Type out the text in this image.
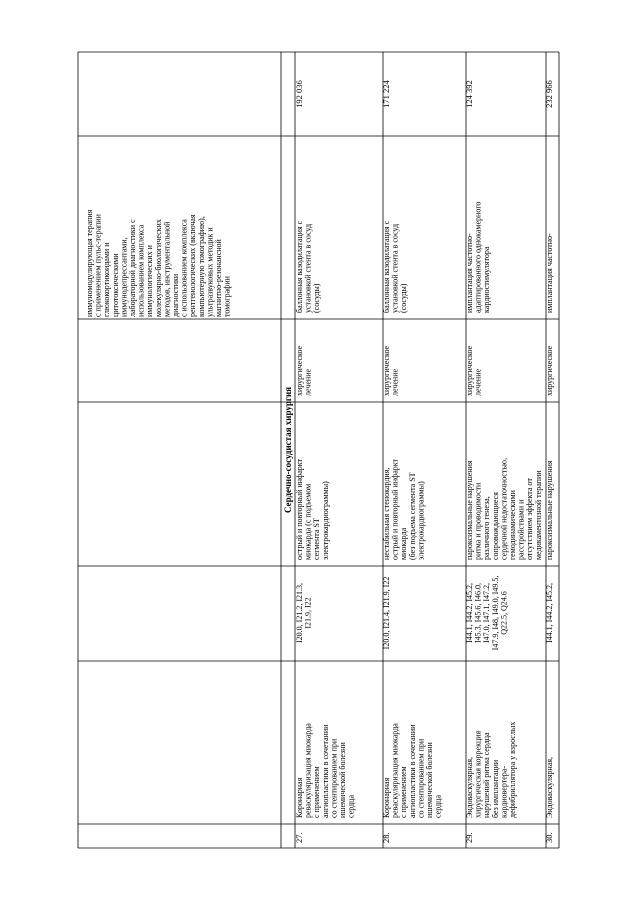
иммуномодулирующая терапияс применением пульс-терапииглюкокортикоидами ицитотоксическимииммунодепрессантами,лабораторной диагностики сиспользованием комплексаиммунологических имолекулярно-биологическихметодов, инструментальнойдиагностикис использованием комплексарентгенологических (включаякомпьютерную томографию),ультразвуковых методик имагнитно-резонанснойтомографии
Сердечно-сосудистая хирургия
27.
Коронарнаяреваскуляризация миокардас применениемангиопластики в сочетаниисо стентированием приишемической болезнисердца
I20.0, I21.2, I21.3,I21.9, I22
острый и повторный инфарктмиокарда (с подъемомсегмента STэлектрокардиограммы)
хирургическоелечение
баллонная вазодилатация сустановкой стента в сосуд(сосуды)
192 036
28.
Коронарнаяреваскуляризация миокардас применениемангиопластики в сочетаниисо стентированием приишемической болезнисердца
I20.0, I21.4, I21.9, I22
нестабильная стенокардия,острый и повторный инфарктмиокарда(без подъема сегмента STэлектрокардиограммы)
хирургическоелечение
баллонная вазодилатация сустановкой стента в сосуд(сосуды)
171 224
29.
Эндоваскулярная,хирургическая коррекциянарушений ритма сердцабез имплантациикардиовертера-дефибриллятора у взрослых
I44.1, I44.2, I45.2,I45.3, I45.6, I46.0,I47.0, I47.1, I47.2,I47.9, I48, I49.0, I49.5,Q22.5, Q24.6
пароксизмальные нарушенияритма и проводимостиразличного генеза,сопровождающиесясердечной недостаточностью,гемодинамическимирасстройствами иотсутствием эффекта отмедикаментозной терапии
хирургическоелечение
имплантация частотно-адаптированного однокамерногокардиостимулятора
124 392
30.
Эндоваскулярная,
I44.1, I44.2, I45.2,
пароксизмальные нарушения
хирургическое
имплантация частотно-
232 966
